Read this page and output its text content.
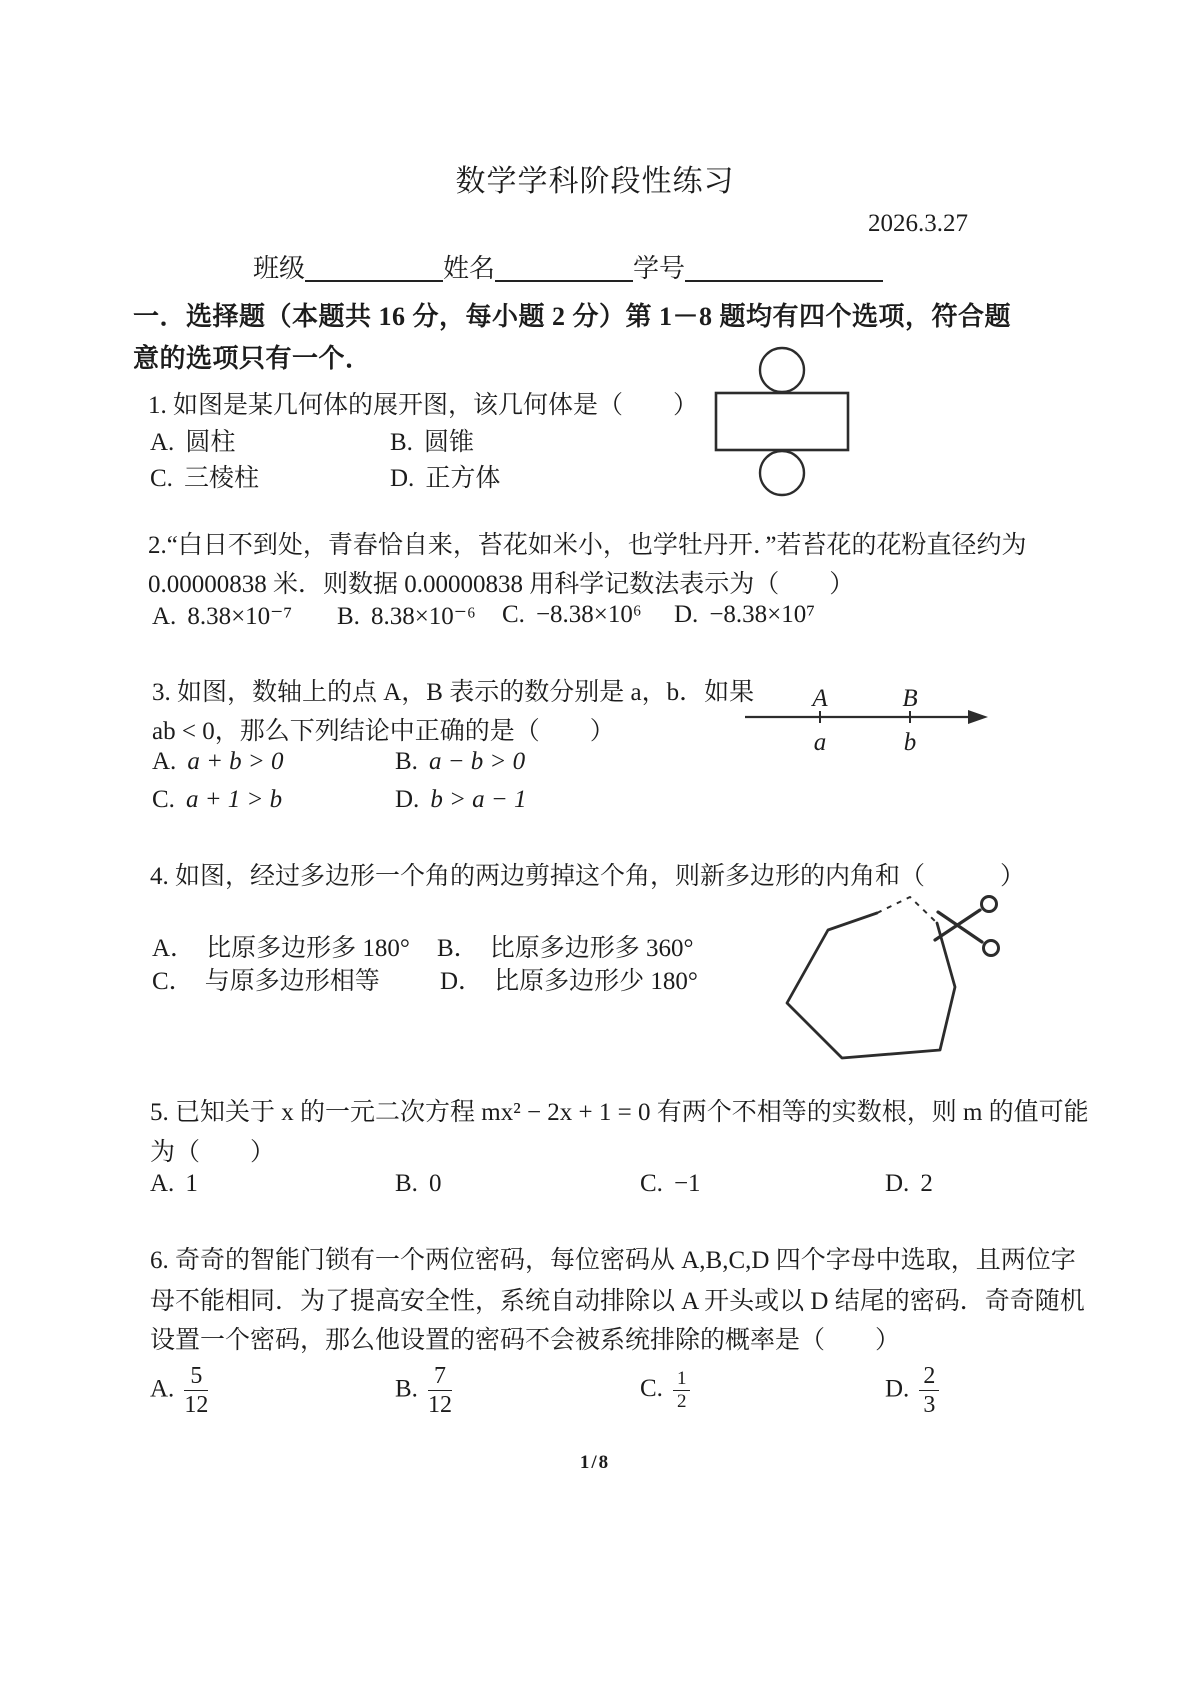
数学学科阶段性练习
2026.3.27
班级	姓名	学号
一．选择题（本题共 16 分，每小题 2 分）第 1－8 题均有四个选项，符合题
意的选项只有一个．
1. 如图是某几何体的展开图，该几何体是（　　）
A. 圆柱	B. 圆锥
C. 三棱柱	D. 正方体
2.“白日不到处，青春恰自来，苔花如米小，也学牡丹开．”若苔花的花粉直径约为
0.00000838 米．则数据 0.00000838 用科学记数法表示为（　　）
A. 8.38×10⁻⁷ B. 8.38×10⁻⁶ C. −8.38×10⁶ D. −8.38×10⁷
3. 如图，数轴上的点 A，B 表示的数分别是 a，b．如果
ab < 0，那么下列结论中正确的是（　　）
A. a + b > 0	B. a − b > 0
C. a + 1 > b	D. b > a − 1
A	B
a	b
4. 如图，经过多边形一个角的两边剪掉这个角，则新多边形的内角和（　　　）
A． 比原多边形多 180° B． 比原多边形多 360°
C． 与原多边形相等 D． 比原多边形少 180°
5. 已知关于 x 的一元二次方程 mx² − 2x + 1 = 0 有两个不相等的实数根，则 m 的值可能
为（　　）
A. 1	B. 0	C. −1	D. 2
6. 奇奇的智能门锁有一个两位密码，每位密码从 A,B,C,D 四个字母中选取，且两位字
母不能相同．为了提高安全性，系统自动排除以 A 开头或以 D 结尾的密码．奇奇随机
设置一个密码，那么他设置的密码不会被系统排除的概率是（　　）
A. $\frac{5}{12}$	B. $\frac{7}{12}$	C. $\frac{1}{2}$	D. $\frac{2}{3}$
1/8
